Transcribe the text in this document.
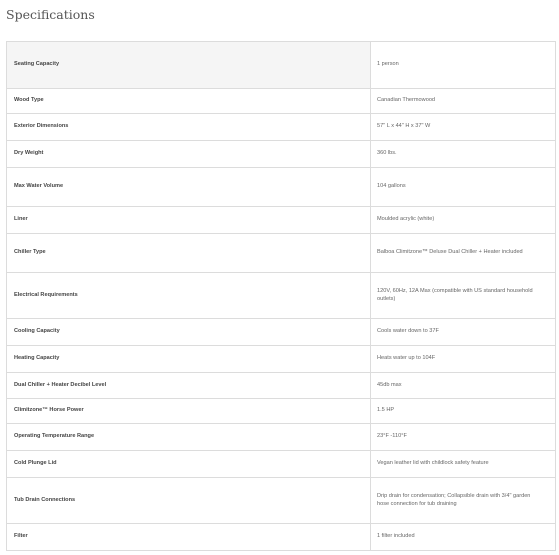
Specifications
Seating Capacity	1 person
Wood Type	Canadian Thermowood
Exterior Dimensions	57" L x 44" H x 37" W
Dry Weight	360 lbs.
Max Water Volume	104 gallons
Liner	Moulded acrylic (white)
Chiller Type	Balboa Climitzone™ Deluxe Dual Chiller + Heater included
Electrical Requirements	120V, 60Hz, 12A Max (compatible with US standard household outlets)
Cooling Capacity	Cools water down to 37F
Heating Capacity	Heats water up to 104F
Dual Chiller + Heater Decibel Level	45db max
Climitzone™ Horse Power	1.5 HP
Operating Temperature Range	23°F -110°F
Cold Plunge Lid	Vegan leather lid with childlock safety feature
Tub Drain Connections	Drip drain for condensation; Collapsible drain with 3/4" garden hose connection for tub draining
Filter	1 filter included
